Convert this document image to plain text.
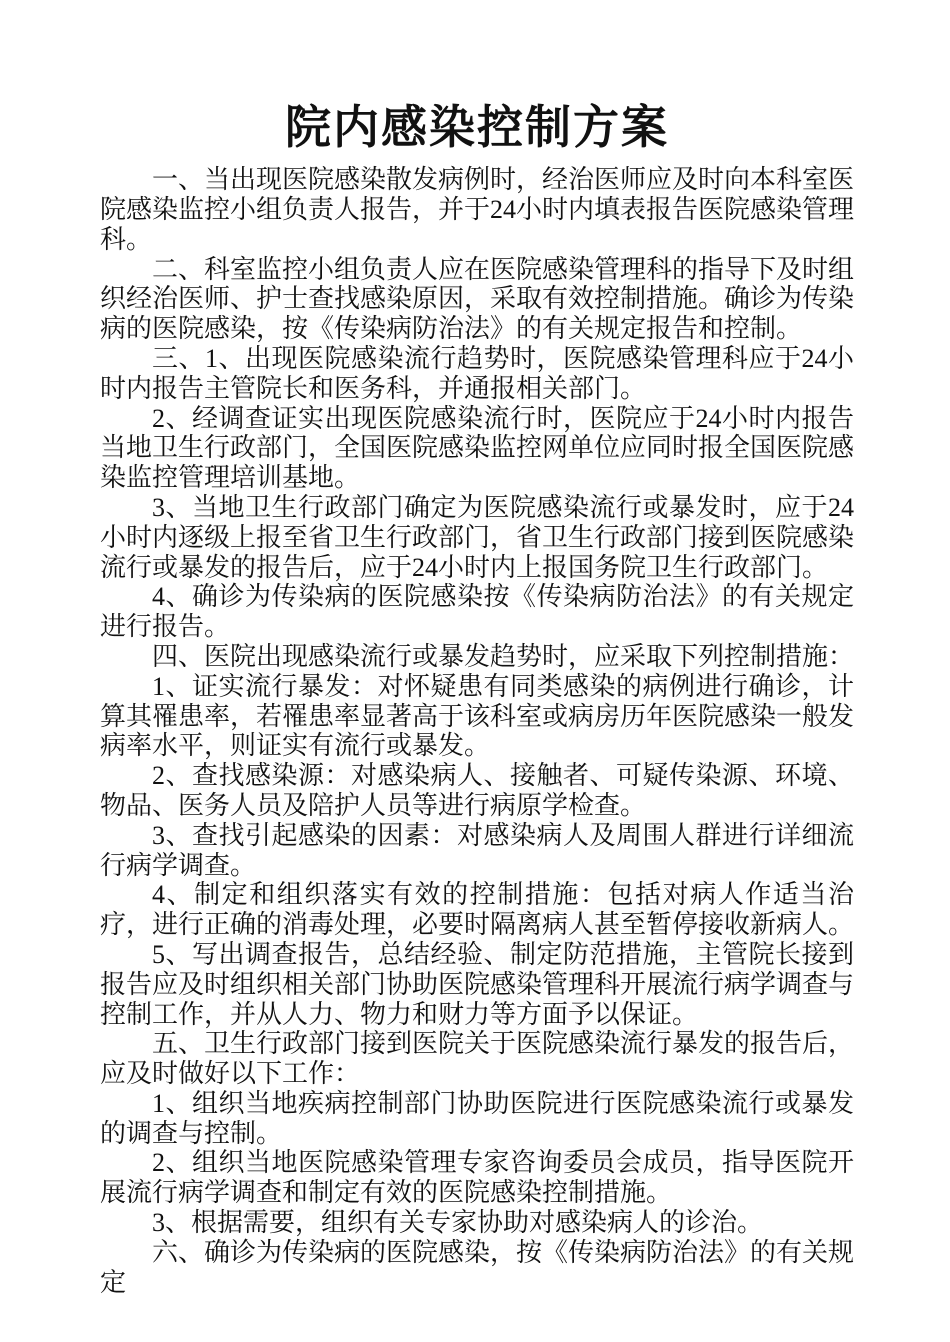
院内感染控制方案

一、当出现医院感染散发病例时，经治医师应及时向本科室医院感染监控小组负责人报告，并于24小时内填表报告医院感染管理科。

二、科室监控小组负责人应在医院感染管理科的指导下及时组织经治医师、护士查找感染原因，采取有效控制措施。确诊为传染病的医院感染，按《传染病防治法》的有关规定报告和控制。

三、1、出现医院感染流行趋势时，医院感染管理科应于24小时内报告主管院长和医务科，并通报相关部门。

2、经调查证实出现医院感染流行时，医院应于24小时内报告当地卫生行政部门，全国医院感染监控网单位应同时报全国医院感染监控管理培训基地。

3、当地卫生行政部门确定为医院感染流行或暴发时，应于24小时内逐级上报至省卫生行政部门，省卫生行政部门接到医院感染流行或暴发的报告后，应于24小时内上报国务院卫生行政部门。

4、确诊为传染病的医院感染按《传染病防治法》的有关规定进行报告。

四、医院出现感染流行或暴发趋势时，应采取下列控制措施：

1、证实流行暴发：对怀疑患有同类感染的病例进行确诊，计算其罹患率，若罹患率显著高于该科室或病房历年医院感染一般发病率水平，则证实有流行或暴发。

2、查找感染源：对感染病人、接触者、可疑传染源、环境、物品、医务人员及陪护人员等进行病原学检查。

3、查找引起感染的因素：对感染病人及周围人群进行详细流行病学调查。

4、制定和组织落实有效的控制措施：包括对病人作适当治疗，进行正确的消毒处理，必要时隔离病人甚至暂停接收新病人。

5、写出调查报告，总结经验、制定防范措施，主管院长接到报告应及时组织相关部门协助医院感染管理科开展流行病学调查与控制工作，并从人力、物力和财力等方面予以保证。

五、卫生行政部门接到医院关于医院感染流行暴发的报告后，应及时做好以下工作：

1、组织当地疾病控制部门协助医院进行医院感染流行或暴发的调查与控制。

2、组织当地医院感染管理专家咨询委员会成员，指导医院开展流行病学调查和制定有效的医院感染控制措施。

3、根据需要，组织有关专家协助对感染病人的诊治。

六、确诊为传染病的医院感染，按《传染病防治法》的有关规定
